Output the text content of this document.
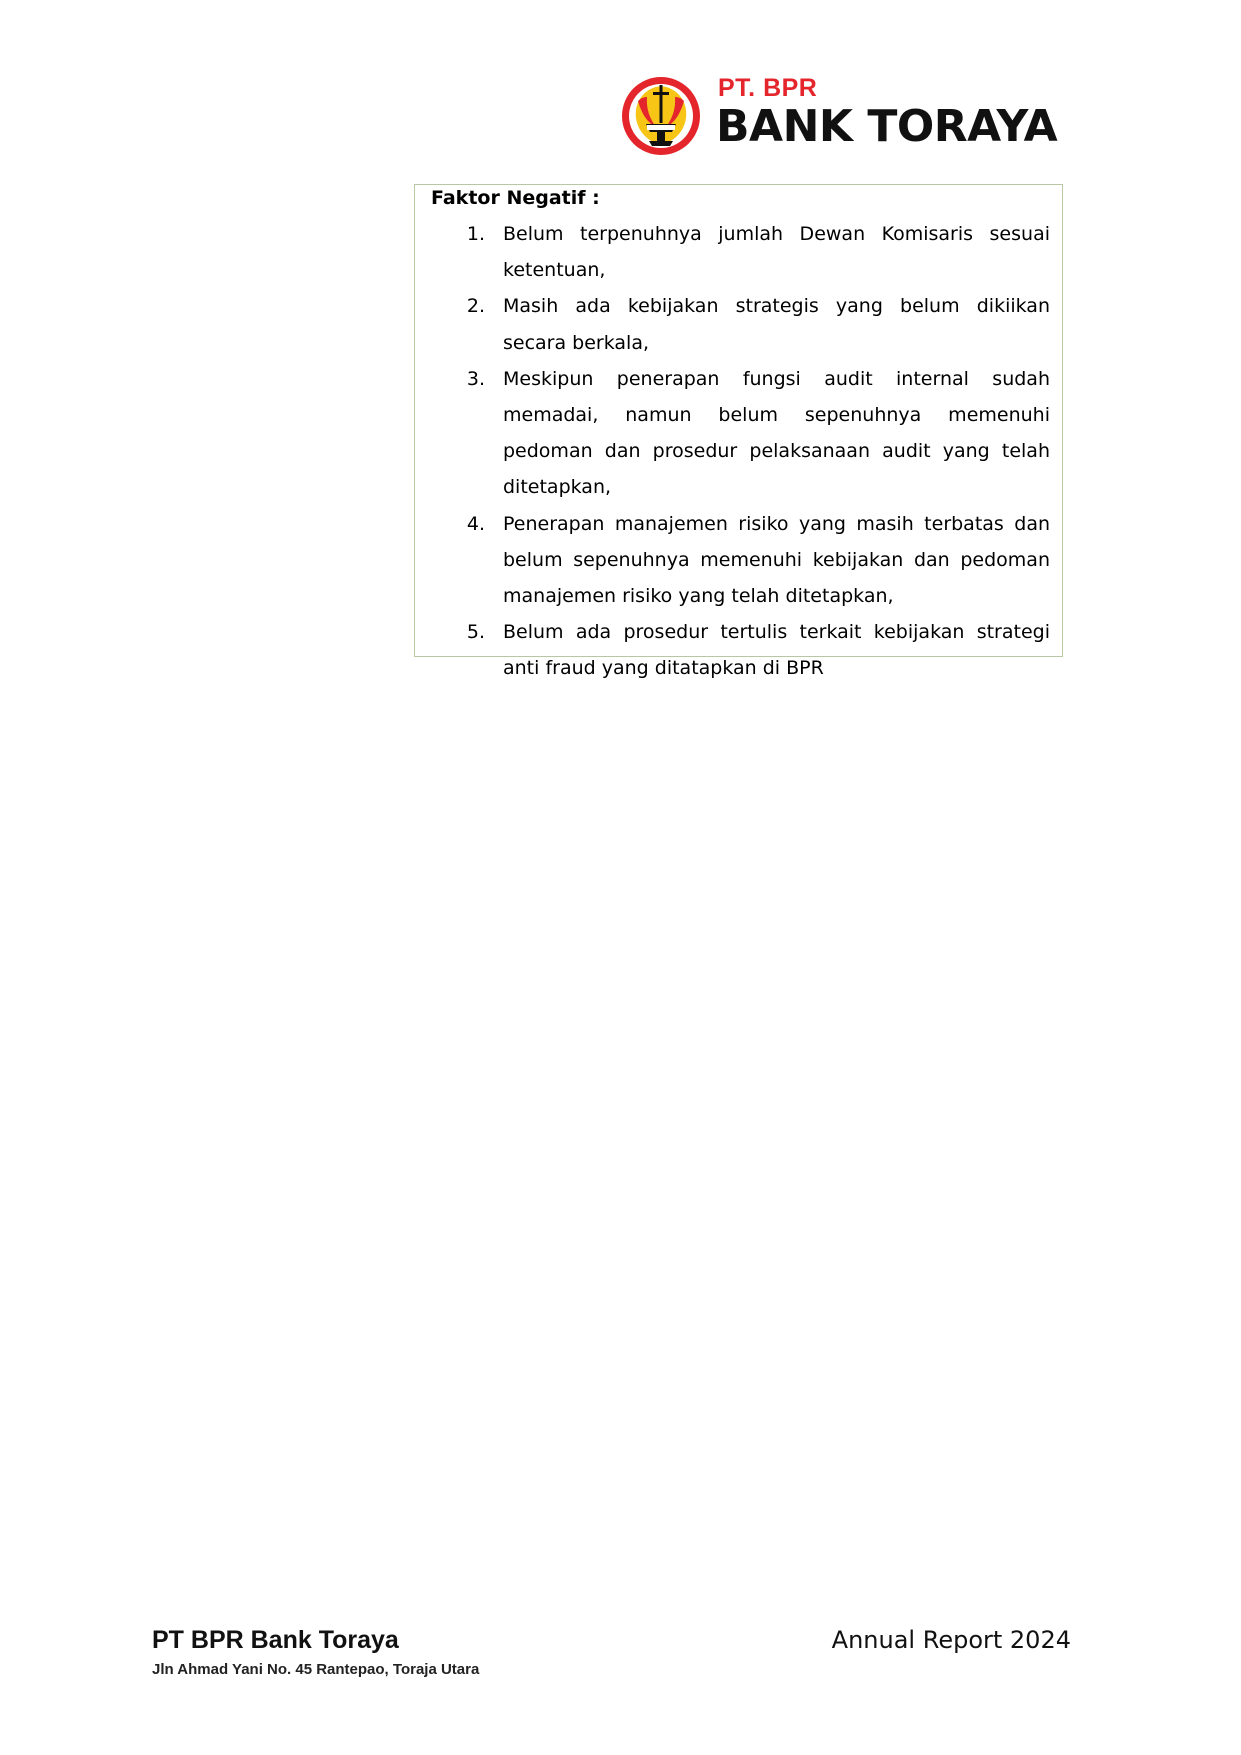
PT. BPR
BANK TORAYA
Faktor Negatif :
1. Belum terpenuhnya jumlah Dewan Komisaris sesuai ketentuan,
2. Masih ada kebijakan strategis yang belum dikiikan secara berkala,
3. Meskipun penerapan fungsi audit internal sudah memadai, namun belum sepenuhnya memenuhi pedoman dan prosedur pelaksanaan audit yang telah ditetapkan,
4. Penerapan manajemen risiko yang masih terbatas dan belum sepenuhnya memenuhi kebijakan dan pedoman manajemen risiko yang telah ditetapkan,
5. Belum ada prosedur tertulis terkait kebijakan strategi anti fraud yang ditatapkan di BPR
PT BPR Bank Toraya
Jln Ahmad Yani No. 45 Rantepao, Toraja Utara
Annual Report 2024
